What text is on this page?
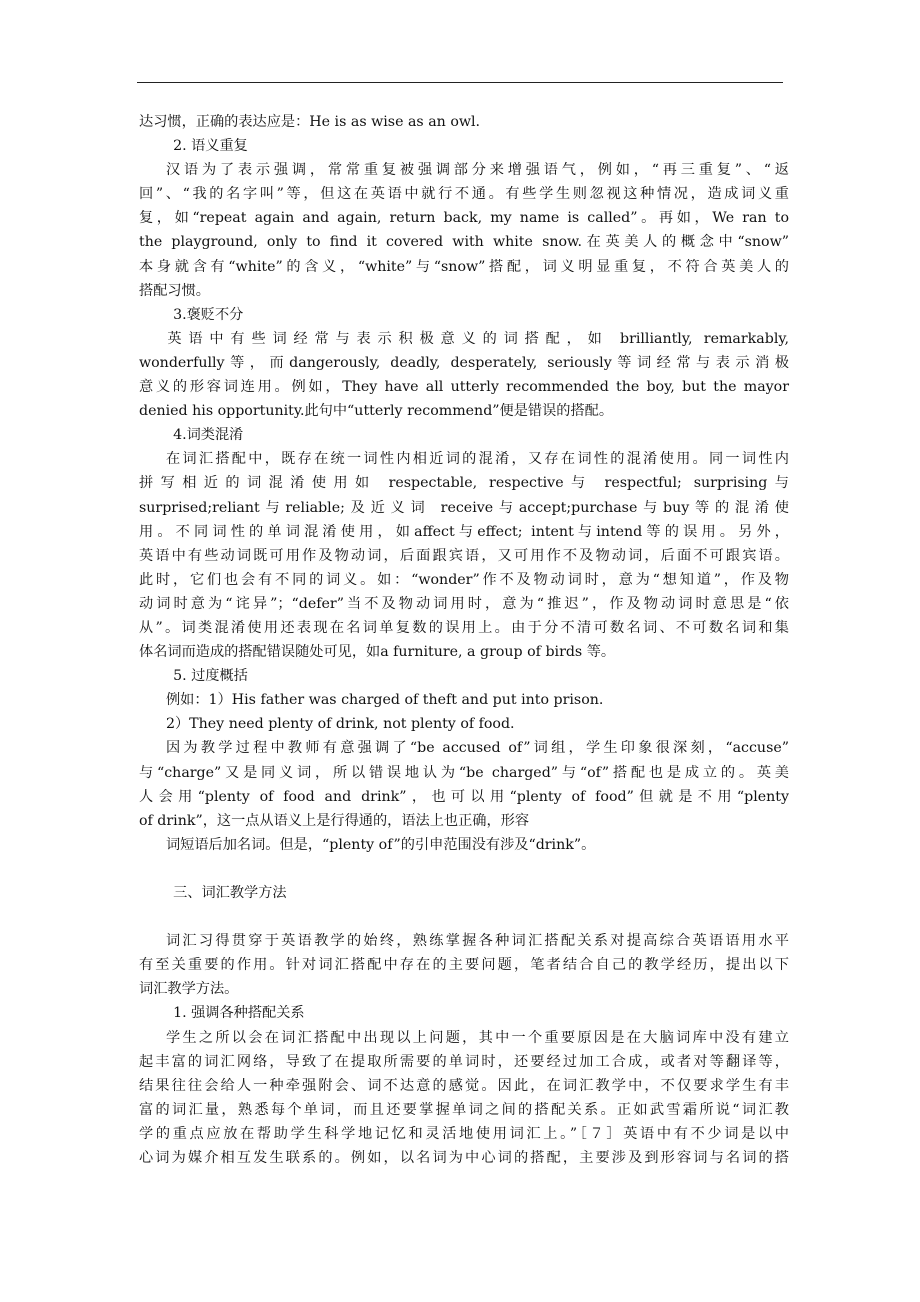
达习惯，正确的表达应是：He is as wise as an owl.

2. 语义重复

汉语为了表示强调，常常重复被强调部分来增强语气，例如，“再三重复”、“返

回”、“我的名字叫”等，但这在英语中就行不通。有些学生则忽视这种情况，造成词义重

复，如“repeat again and again, return back, my name is called”。再如，We ran to

the playground, only to find it covered with white snow.在英美人的概念中“snow”

本身就含有“white”的含义，“white”与“snow”搭配，词义明显重复，不符合英美人的

搭配习惯。

3.褒贬不分

英语中有些词经常与表示积极意义的词搭配，如 brilliantly, remarkably,

wonderfully等，而dangerously, deadly, desperately, seriously等词经常与表示消极

意义的形容词连用。例如，They have all utterly recommended the boy, but the mayor

denied his opportunity.此句中“utterly recommend”便是错误的搭配。

4.词类混淆

在词汇搭配中，既存在统一词性内相近词的混淆，又存在词性的混淆使用。同一词性内

拼写相近的词混淆使用如 respectable, respective与 respectful; surprising与

surprised;reliant与reliable;及近义词 receive与accept;purchase与buy等的混淆使

用。不同词性的单词混淆使用，如affect与effect; intent与intend等的误用。另外，

英语中有些动词既可用作及物动词，后面跟宾语，又可用作不及物动词，后面不可跟宾语。

此时，它们也会有不同的词义。如：“wonder”作不及物动词时，意为“想知道”，作及物

动词时意为“诧异”；“defer”当不及物动词用时，意为“推迟”，作及物动词时意思是“依

从”。词类混淆使用还表现在名词单复数的误用上。由于分不清可数名词、不可数名词和集

体名词而造成的搭配错误随处可见，如a furniture, a group of birds 等。

5. 过度概括

例如：1）His father was charged of theft and put into prison.

2）They need plenty of drink, not plenty of food.

因为教学过程中教师有意强调了“be accused of”词组，学生印象很深刻，“accuse”

与“charge”又是同义词，所以错误地认为“be charged”与“of”搭配也是成立的。英美

人会用“plenty of food and drink”，也可以用“plenty of food”但就是不用“plenty

of drink”，这一点从语义上是行得通的，语法上也正确，形容

词短语后加名词。但是，“plenty of”的引申范围没有涉及“drink”。

三、词汇教学方法

词汇习得贯穿于英语教学的始终，熟练掌握各种词汇搭配关系对提高综合英语语用水平

有至关重要的作用。针对词汇搭配中存在的主要问题，笔者结合自己的教学经历，提出以下

词汇教学方法。

1. 强调各种搭配关系

学生之所以会在词汇搭配中出现以上问题，其中一个重要原因是在大脑词库中没有建立

起丰富的词汇网络，导致了在提取所需要的单词时，还要经过加工合成，或者对等翻译等，

结果往往会给人一种牵强附会、词不达意的感觉。因此，在词汇教学中，不仅要求学生有丰

富的词汇量，熟悉每个单词，而且还要掌握单词之间的搭配关系。正如武雪霜所说“词汇教

学的重点应放在帮助学生科学地记忆和灵活地使用词汇上。”［７］英语中有不少词是以中

心词为媒介相互发生联系的。例如，以名词为中心词的搭配，主要涉及到形容词与名词的搭
